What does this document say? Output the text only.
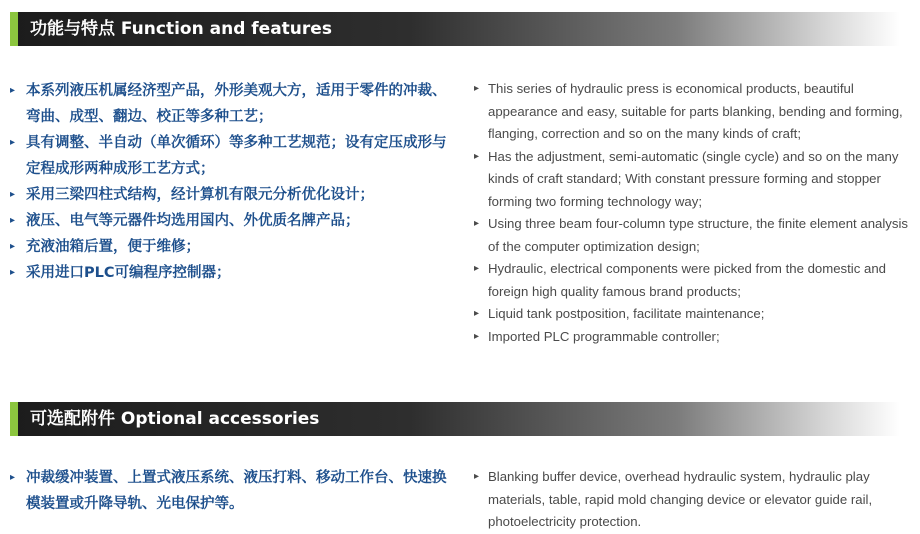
功能与特点 Function and features
▸ 本系列液压机属经济型产品，外形美观大方，适用于零件的冲裁、弯曲、成型、翻边、校正等多种工艺；
▸ 具有调整、半自动（单次循环）等多种工艺规范；设有定压成形与定程成形两种成形工艺方式；
▸ 采用三梁四柱式结构，经计算机有限元分析优化设计；
▸ 液压、电气等元器件均选用国内、外优质名牌产品；
▸ 充液油箱后置，便于维修；
▸ 采用进口PLC可编程序控制器；
▸ This series of hydraulic press is economical products, beautiful appearance and easy, suitable for parts blanking, bending and forming, flanging, correction and so on the many kinds of craft;
▸ Has the adjustment, semi-automatic (single cycle) and so on the many kinds of craft standard; With constant pressure forming and stopper forming two forming technology way;
▸ Using three beam four-column type structure, the finite element analysis of the computer optimization design;
▸ Hydraulic, electrical components were picked from the domestic and foreign high quality famous brand products;
▸ Liquid tank postposition, facilitate maintenance;
▸ Imported PLC programmable controller;
可选配附件 Optional accessories
▸ 冲裁缓冲装置、上置式液压系统、液压打料、移动工作台、快速换模装置或升降导轨、光电保护等。
▸ Blanking buffer device, overhead hydraulic system, hydraulic play materials, table, rapid mold changing device or elevator guide rail, photoelectricity protection.
